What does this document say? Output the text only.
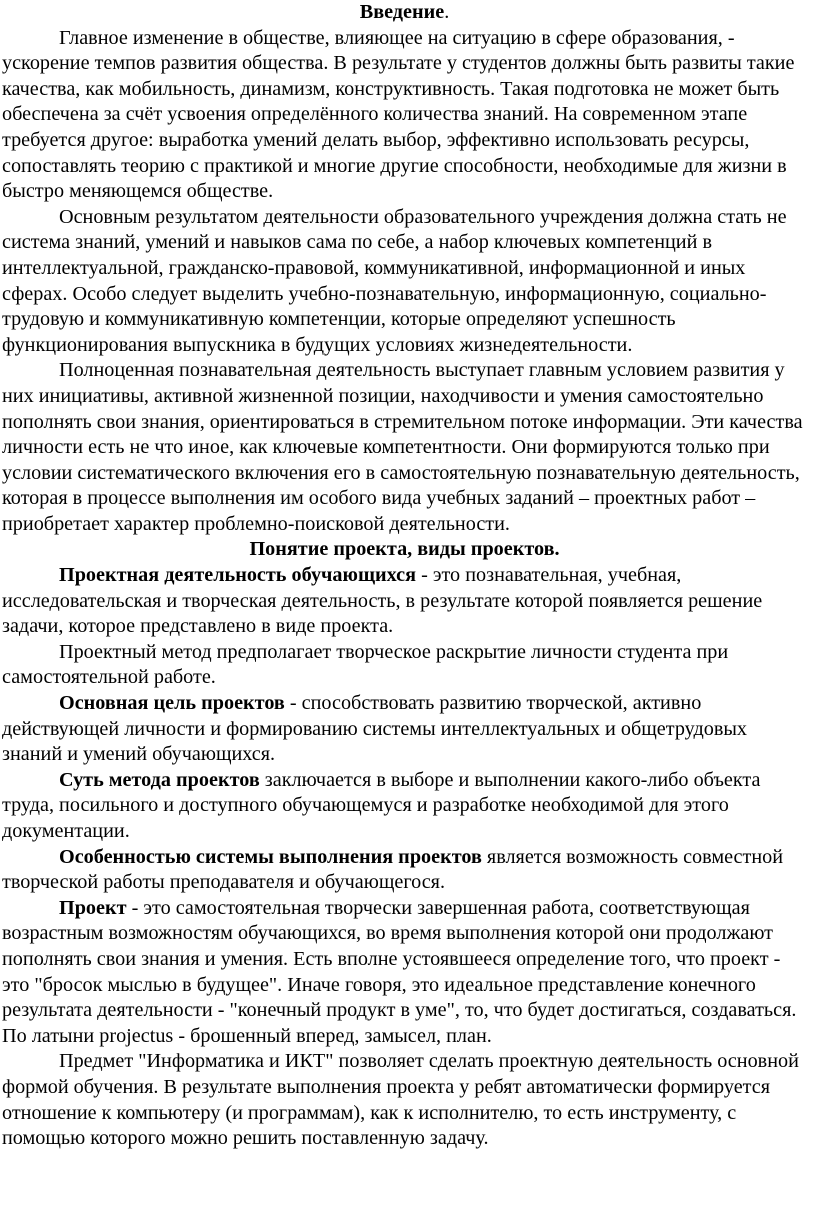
Введение.

Главное изменение в обществе, влияющее на ситуацию в сфере образования, - ускорение темпов развития общества. В результате у студентов должны быть развиты такие качества, как мобильность, динамизм, конструктивность. Такая подготовка не может быть обеспечена за счёт усвоения определённого количества знаний. На современном этапе требуется другое: выработка умений делать выбор, эффективно использовать ресурсы, сопоставлять теорию с практикой и многие другие способности, необходимые для жизни в быстро меняющемся обществе.

Основным результатом деятельности образовательного учреждения должна стать не система знаний, умений и навыков сама по себе, а набор ключевых компетенций в интеллектуальной, гражданско-правовой, коммуникативной, информационной и иных сферах. Особо следует выделить учебно-познавательную, информационную, социально-трудовую и коммуникативную компетенции, которые определяют успешность функционирования выпускника в будущих условиях жизнедеятельности.

Полноценная познавательная деятельность выступает главным условием развития у них инициативы, активной жизненной позиции, находчивости и умения самостоятельно пополнять свои знания, ориентироваться в стремительном потоке информации. Эти качества личности есть не что иное, как ключевые компетентности. Они формируются только при условии систематического включения его в самостоятельную познавательную деятельность, которая в процессе выполнения им особого вида учебных заданий – проектных работ – приобретает характер проблемно-поисковой деятельности.

Понятие проекта, виды проектов.

Проектная деятельность обучающихся - это познавательная, учебная, исследовательская и творческая деятельность, в результате которой появляется решение задачи, которое представлено в виде проекта.

Проектный метод предполагает творческое раскрытие личности студента при самостоятельной работе.

Основная цель проектов - способствовать развитию творческой, активно действующей личности и формированию системы интеллектуальных и общетрудовых знаний и умений обучающихся.

Суть метода проектов заключается в выборе и выполнении какого-либо объекта труда, посильного и доступного обучающемуся и разработке необходимой для этого документации.

Особенностью системы выполнения проектов является возможность совместной творческой работы преподавателя и обучающегося.

Проект - это самостоятельная творчески завершенная работа, соответствующая возрастным возможностям обучающихся, во время выполнения которой они продолжают пополнять свои знания и умения. Есть вполне устоявшееся определение того, что проект - это "бросок мыслью в будущее". Иначе говоря, это идеальное представление конечного результата деятельности - "конечный продукт в уме", то, что будет достигаться, создаваться. По латыни projectus - брошенный вперед, замысел, план.

Предмет "Информатика и ИКТ" позволяет сделать проектную деятельность основной формой обучения. В результате выполнения проекта у ребят автоматически формируется отношение к компьютеру (и программам), как к исполнителю, то есть инструменту, с помощью которого можно решить поставленную задачу.
